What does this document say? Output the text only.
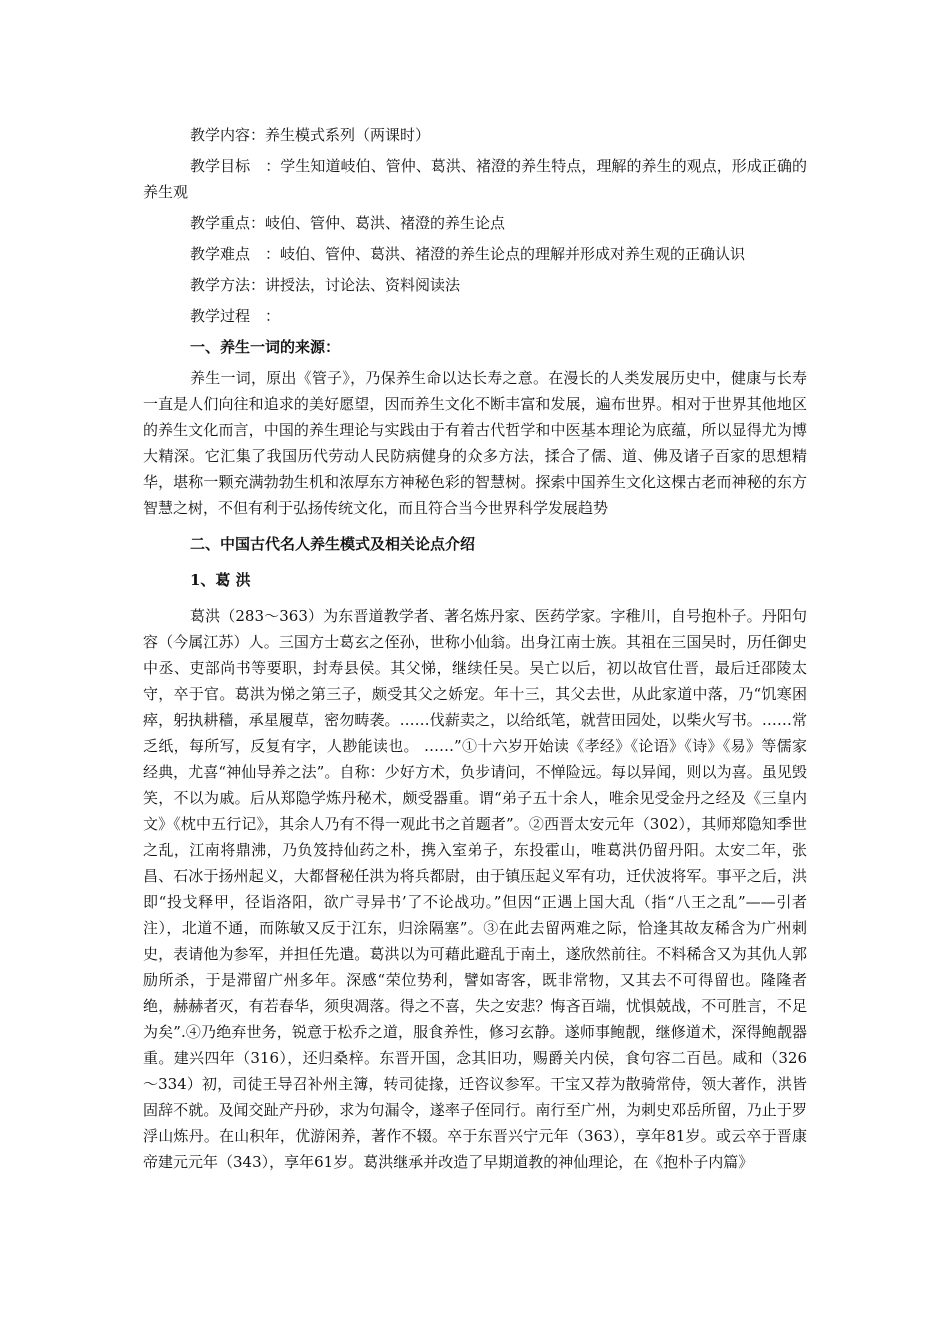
教学内容：养生模式系列（两课时）

教学目标　：学生知道岐伯、管仲、葛洪、褚澄的养生特点，理解的养生的观点，形成正确的养生观

教学重点：岐伯、管仲、葛洪、褚澄的养生论点

教学难点　：岐伯、管仲、葛洪、褚澄的养生论点的理解并形成对养生观的正确认识

教学方法：讲授法，讨论法、资料阅读法

教学过程　：

一、养生一词的来源：

养生一词，原出《管子》，乃保养生命以达长寿之意。在漫长的人类发展历史中，健康与长寿一直是人们向往和追求的美好愿望，因而养生文化不断丰富和发展，遍布世界。相对于世界其他地区的养生文化而言，中国的养生理论与实践由于有着古代哲学和中医基本理论为底蕴，所以显得尤为博大精深。它汇集了我国历代劳动人民防病健身的众多方法，揉合了儒、道、佛及诸子百家的思想精华，堪称一颗充满勃勃生机和浓厚东方神秘色彩的智慧树。探索中国养生文化这棵古老而神秘的东方智慧之树，不但有利于弘扬传统文化，而且符合当今世界科学发展趋势

二、中国古代名人养生模式及相关论点介绍

1、葛 洪

葛洪（283～363）为东晋道教学者、著名炼丹家、医药学家。字稚川，自号抱朴子。丹阳句容（今属江苏）人。三国方士葛玄之侄孙，世称小仙翁。出身江南士族。其祖在三国吴时，历任御史中丞、吏部尚书等要职，封寿县侯。其父悌，继续任吴。吴亡以后，初以故官仕晋，最后迁邵陵太守，卒于官。葛洪为悌之第三子，颇受其父之娇宠。年十三，其父去世，从此家道中落，乃“饥寒困瘁，躬执耕穑，承星履草，密勿畴袭。……伐薪卖之，以给纸笔，就营田园处，以柴火写书。……常乏纸，每所写，反复有字，人尠能读也。 ……”①十六岁开始读《孝经》《论语》《诗》《易》等儒家经典，尤喜“神仙导养之法”。自称：少好方术，负步请问，不惮险远。每以异闻，则以为喜。虽见毁笑，不以为戚。后从郑隐学炼丹秘术，颇受器重。谓“弟子五十余人，唯余见受金丹之经及《三皇内文》《枕中五行记》，其余人乃有不得一观此书之首题者”。②西晋太安元年（302），其师郑隐知季世之乱，江南将鼎沸，乃负笈持仙药之朴，携入室弟子，东投霍山，唯葛洪仍留丹阳。太安二年，张昌、石冰于扬州起义，大都督秘任洪为将兵都尉，由于镇压起义军有功，迁伏波将军。事平之后，洪即“投戈释甲，径诣洛阳，欲广寻异书’了不论战功。”但因“正遇上国大乱（指“八王之乱”——引者注），北道不通，而陈敏又反于江东，归涂隔塞”。③在此去留两难之际，恰逢其故友稀含为广州刺史，表请他为参军，并担任先遣。葛洪以为可藉此避乱于南土，遂欣然前往。不料稀含又为其仇人郭励所杀，于是滞留广州多年。深感“荣位势利，譬如寄客，既非常物，又其去不可得留也。隆隆者绝，赫赫者灭，有若春华，须臾凋落。得之不喜，失之安悲？悔吝百端，忧惧兢战，不可胜言，不足为矣”.④乃绝弃世务，锐意于松乔之道，服食养性，修习玄静。遂师事鲍靓，继修道术，深得鲍靓器重。建兴四年（316），还归桑梓。东晋开国，念其旧功，赐爵关内侯，食句容二百邑。咸和（326～334）初，司徒王导召补州主簿，转司徒掾，迁咨议参军。干宝又荐为散骑常侍，领大著作，洪皆固辞不就。及闻交趾产丹砂，求为句漏令，遂率子侄同行。南行至广州，为刺史邓岳所留，乃止于罗浮山炼丹。在山积年，优游闲养，著作不辍。卒于东晋兴宁元年（363），享年81岁。或云卒于晋康帝建元元年（343），享年61岁。葛洪继承并改造了早期道教的神仙理论，在《抱朴子内篇》
